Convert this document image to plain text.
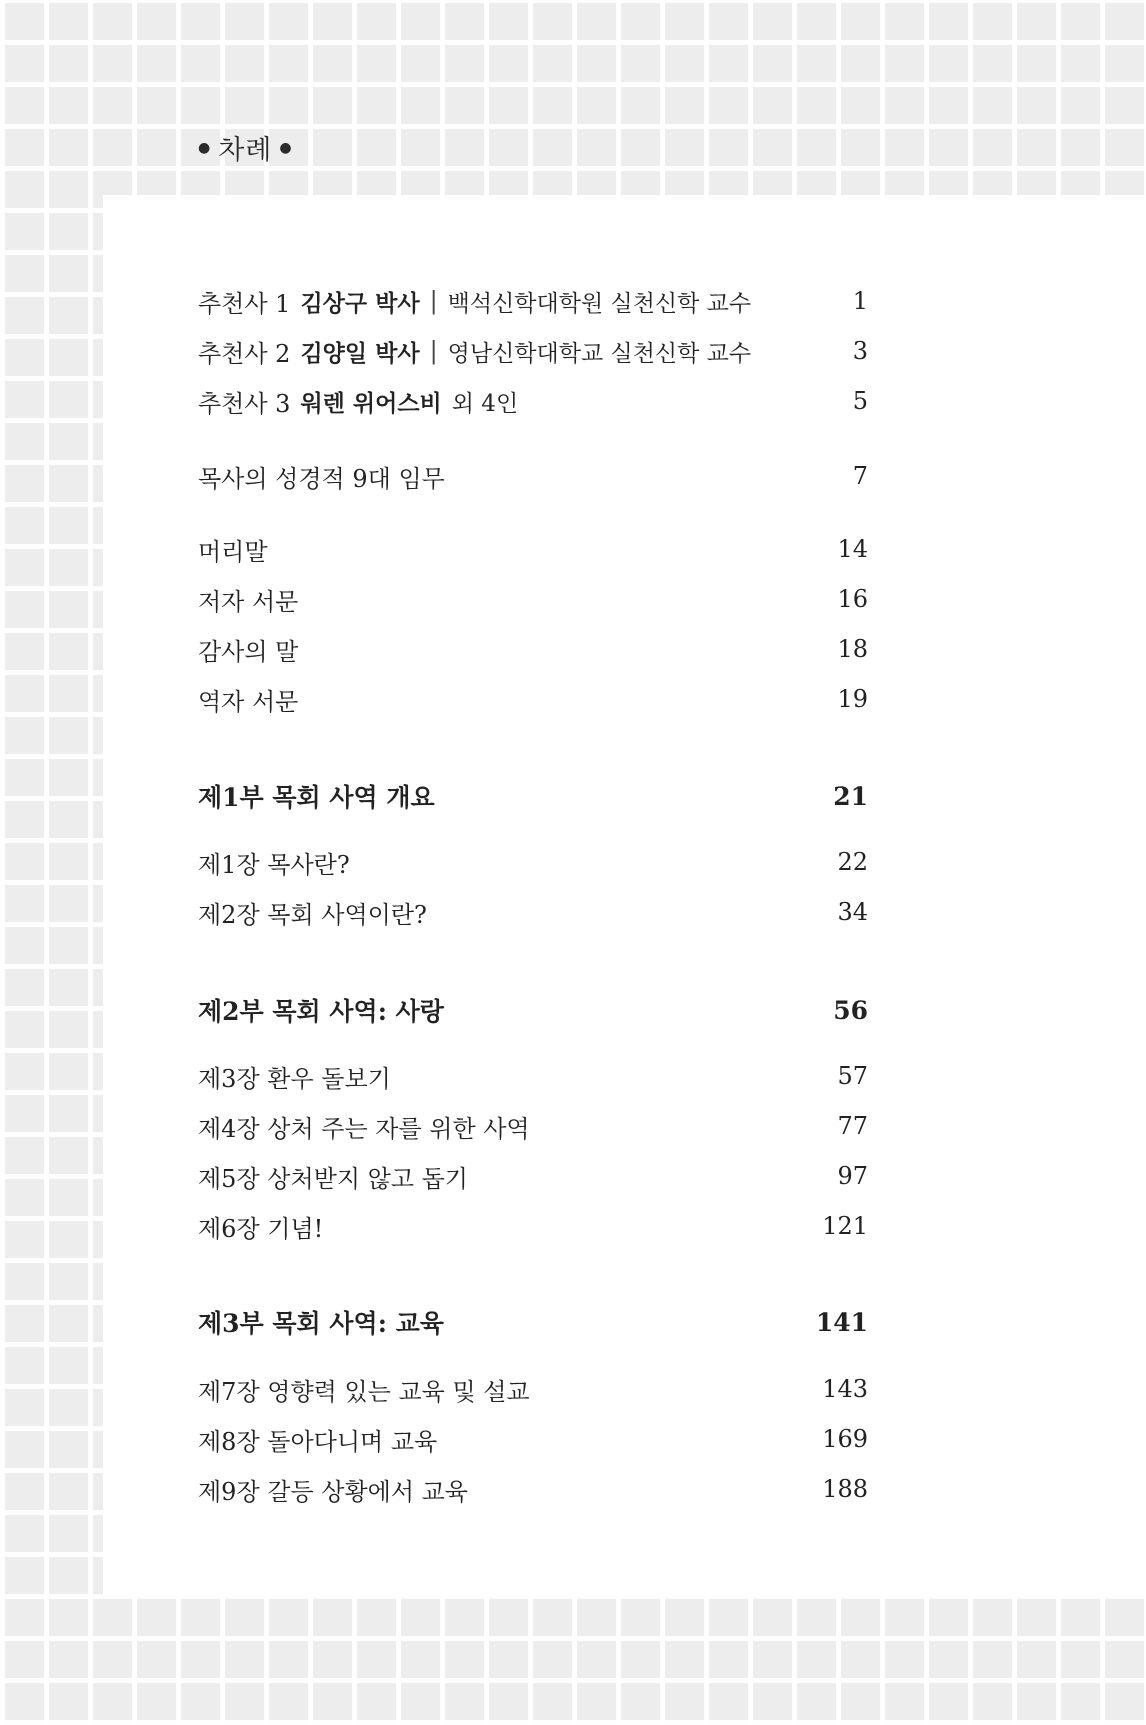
● 차례 ●
추천사 1 김상구 박사 | 백석신학대학원 실천신학 교수	1
추천사 2 김양일 박사 | 영남신학대학교 실천신학 교수	3
추천사 3 워렌 위어스비 외 4인	5
목사의 성경적 9대 임무	7
머리말	14
저자 서문	16
감사의 말	18
역자 서문	19
제1부 목회 사역 개요	21
제1장 목사란?	22
제2장 목회 사역이란?	34
제2부 목회 사역: 사랑	56
제3장 환우 돌보기	57
제4장 상처 주는 자를 위한 사역	77
제5장 상처받지 않고 돕기	97
제6장 기념!	121
제3부 목회 사역: 교육	141
제7장 영향력 있는 교육 및 설교	143
제8장 돌아다니며 교육	169
제9장 갈등 상황에서 교육	188
